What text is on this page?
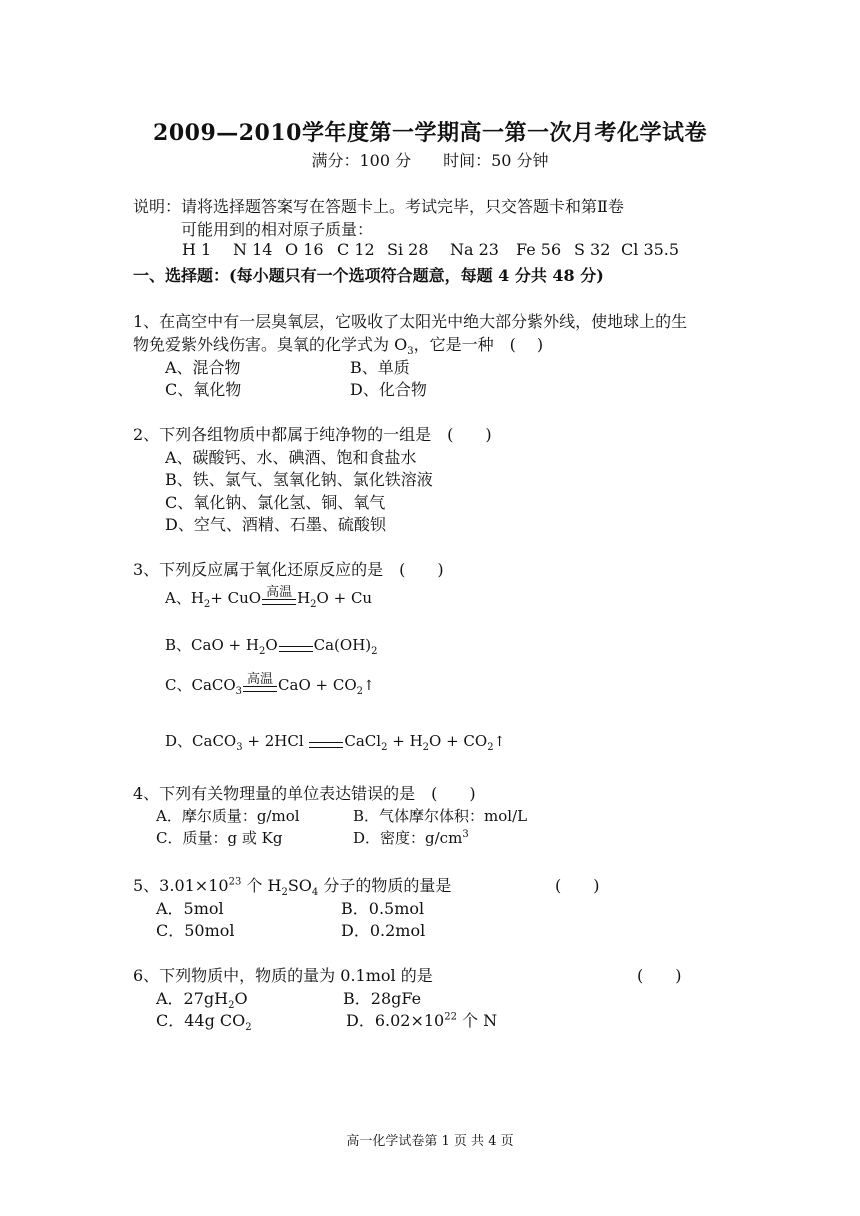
2009—2010学年度第一学期高一第一次月考化学试卷
满分：100 分　　时间：50 分钟
说明：请将选择题答案写在答题卡上。考试完毕，只交答题卡和第Ⅱ卷
可能用到的相对原子质量：
H 1 N 14 O 16 C 12 Si 28 Na 23 Fe 56 S 32 Cl 35.5
一、选择题：(每小题只有一个选项符合题意，每题 4 分共 48 分)
1、在高空中有一层臭氧层，它吸收了太阳光中绝大部分紫外线，使地球上的生
物免爱紫外线伤害。臭氧的化学式为 $O_3$，它是一种　(　 )
A、混合物	B、单质
C、氧化物	D、化合物
2、下列各组物质中都属于纯净物的一组是　(　　)
A、碳酸钙、水、碘酒、饱和食盐水
B、铁、氯气、氢氧化钠、氯化铁溶液
C、氧化钠、氯化氢、铜、氧气
D、空气、酒精、石墨、硫酸钡
3、下列反应属于氧化还原反应的是　(　　)
A、$H_2+$ CuO 高温 $H_2O + Cu$
B、CaO + $H_2O$ $Ca(OH)_2$
C、CaCO$_3$
高温 CaO + $CO_2↑$
D、CaCO$_3$ + 2HCl
CaCl$_2$ + $H_2O$ + $CO_2↑$
4、下列有关物理量的单位表达错误的是　(　　)
A．摩尔质量：g/mol	B．气体摩尔体积：mol/L
C．质量：g 或 Kg	D．密度：$g/cm^3$
5、$3.01\times 10^{23}$ 个 $H_2SO_4$ 分子的物质的量是	(　　)
A．5mol	B．0.5mol
C．50mol	D．0.2mol
6、下列物质中，物质的量为 0.1mol 的是	(　　)
A．$27gH_2O$	B．28gFe
C．44g $CO_2$	D．$6.02\times 10^{22}$ 个 N
高一化学试卷第 1 页 共 4 页
